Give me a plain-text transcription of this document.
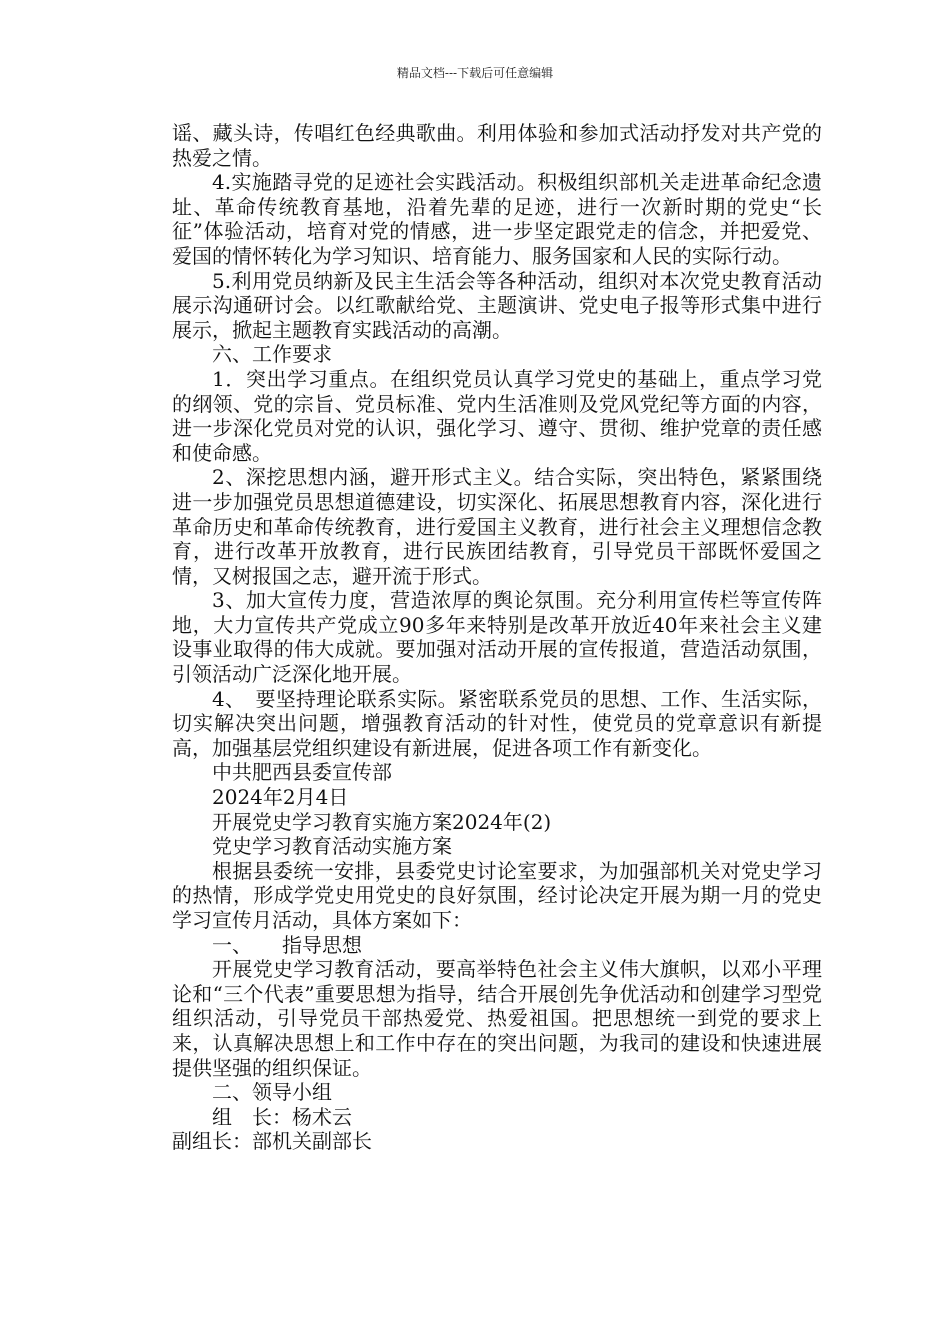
精品文档---下载后可任意编辑

谣、藏头诗，传唱红色经典歌曲。利用体验和参加式活动抒发对共产党的热爱之情。

4.实施踏寻党的足迹社会实践活动。积极组织部机关走进革命纪念遗址、革命传统教育基地，沿着先辈的足迹，进行一次新时期的党史“长征”体验活动，培育对党的情感，进一步坚定跟党走的信念，并把爱党、爱国的情怀转化为学习知识、培育能力、服务国家和人民的实际行动。

5.利用党员纳新及民主生活会等各种活动，组织对本次党史教育活动展示沟通研讨会。以红歌献给党、主题演讲、党史电子报等形式集中进行展示，掀起主题教育实践活动的高潮。

六、工作要求

1．突出学习重点。在组织党员认真学习党史的基础上，重点学习党的纲领、党的宗旨、党员标准、党内生活准则及党风党纪等方面的内容，进一步深化党员对党的认识，强化学习、遵守、贯彻、维护党章的责任感和使命感。

2、深挖思想内涵，避开形式主义。结合实际，突出特色，紧紧围绕进一步加强党员思想道德建设，切实深化、拓展思想教育内容，深化进行革命历史和革命传统教育，进行爱国主义教育，进行社会主义理想信念教育，进行改革开放教育，进行民族团结教育，引导党员干部既怀爱国之情，又树报国之志，避开流于形式。

3、加大宣传力度，营造浓厚的舆论氛围。充分利用宣传栏等宣传阵地，大力宣传共产党成立90多年来特别是改革开放近40年来社会主义建设事业取得的伟大成就。要加强对活动开展的宣传报道，营造活动氛围，引领活动广泛深化地开展。

4、　要坚持理论联系实际。紧密联系党员的思想、工作、生活实际，切实解决突出问题，增强教育活动的针对性，使党员的党章意识有新提高，加强基层党组织建设有新进展，促进各项工作有新变化。

中共肥西县委宣传部

2024年2月4日

开展党史学习教育实施方案2024年(2)

党史学习教育活动实施方案

根据县委统一安排，县委党史讨论室要求，为加强部机关对党史学习的热情，形成学党史用党史的良好氛围，经讨论决定开展为期一月的党史学习宣传月活动，具体方案如下：

一、　　指导思想

开展党史学习教育活动，要高举特色社会主义伟大旗帜，以邓小平理论和“三个代表”重要思想为指导，结合开展创先争优活动和创建学习型党组织活动，引导党员干部热爱党、热爱祖国。把思想统一到党的要求上来，认真解决思想上和工作中存在的突出问题，为我司的建设和快速进展提供坚强的组织保证。

二、领导小组

组　长：杨术云

副组长：部机关副部长
